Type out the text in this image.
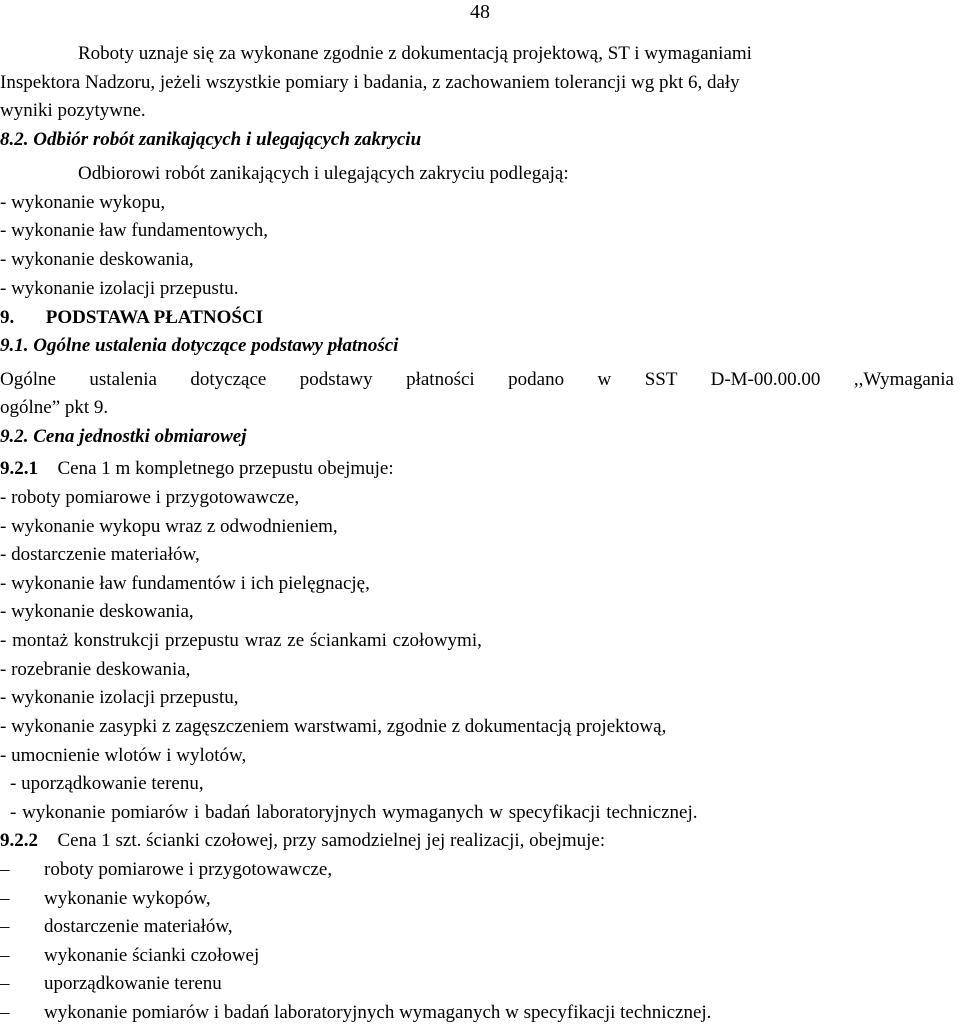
48
Roboty uznaje się za wykonane zgodnie z dokumentacją projektową, ST i wymaganiami
Inspektora Nadzoru, jeżeli wszystkie pomiary i badania, z zachowaniem tolerancji wg pkt 6, dały
wyniki pozytywne.
8.2. Odbiór robót zanikających i ulegających zakryciu
Odbiorowi robót zanikających i ulegających zakryciu podlegają:
- wykonanie wykopu,
- wykonanie ław fundamentowych,
- wykonanie deskowania,
- wykonanie izolacji przepustu.
9. PODSTAWA PŁATNOŚCI
9.1. Ogólne ustalenia dotyczące podstawy płatności
Ogólne ustalenia dotyczące podstawy płatności podano w SST D-M-00.00.00 ,,Wymagania
ogólne” pkt 9.
9.2. Cena jednostki obmiarowej
9.2.1 Cena 1 m kompletnego przepustu obejmuje:
- roboty pomiarowe i przygotowawcze,
- wykonanie wykopu wraz z odwodnieniem,
- dostarczenie materiałów,
- wykonanie ław fundamentów i ich pielęgnację,
- wykonanie deskowania,
- montaż konstrukcji przepustu wraz ze ściankami czołowymi,
- rozebranie deskowania,
- wykonanie izolacji przepustu,
- wykonanie zasypki z zagęszczeniem warstwami, zgodnie z dokumentacją projektową,
- umocnienie wlotów i wylotów,
- uporządkowanie terenu,
- wykonanie pomiarów i badań laboratoryjnych wymaganych w specyfikacji technicznej.
9.2.2 Cena 1 szt. ścianki czołowej, przy samodzielnej jej realizacji, obejmuje:
– roboty pomiarowe i przygotowawcze,
– wykonanie wykopów,
– dostarczenie materiałów,
– wykonanie ścianki czołowej
– uporządkowanie terenu
– wykonanie pomiarów i badań laboratoryjnych wymaganych w specyfikacji technicznej.
